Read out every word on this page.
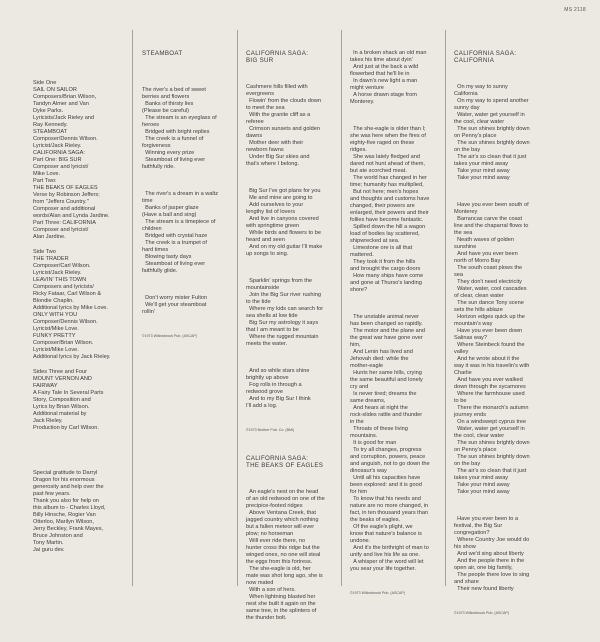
MS 2118

Side One
SAIL ON SAILOR
Composers/Brian Wilson,
Tandyn Almer and Van
Dyke Parks.
Lyricists/Jack Rieley and
Ray Kennedy.
STEAMBOAT
Composer/Dennis Wilson.
Lyricist/Jack Rieley.
CALIFORNIA SAGA:
Part One: BIG SUR
Composer and lyricist/
Mike Love.
Part Two:
THE BEAKS OF EAGLES
Verse by Robinson Jeffers;
from "Jeffers Country."
Composer and additional
words/Alan and Lynda Jardine.
Part Three: CALIFORNIA
Composer and lyricist/
Alan Jardine.
Side Two
THE TRADER
Composer/Carl Wilson.
Lyricist/Jack Rieley.
LEAVIN' THIS TOWN
Composers and lyricists/
Ricky Fataar, Carl Wilson &
Blondie Chaplin.
Additional lyrics by Mike Love.
ONLY WITH YOU
Composer/Dennis Wilson.
Lyricist/Mike Love.
FUNKY PRETTY
Composer/Brian Wilson.
Lyricist/Mike Love.
Additional lyrics by Jack Rieley.
Sides Three and Four
MOUNT VERNON AND
FAIRWAY
A Fairy Tale In Several Parts
Story, Composition and
Lyrics by Brian Wilson.
Additional material by
Jack Rieley.
Production by Carl Wilson.

Special gratitude to Darryl
Dragon for his enormous
generosity and help over the
past few years.
Thank you also for help on
this album to - Charles Lloyd,
Billy Hinsche, Rogier Van
Otterloo, Marilyn Wilson,
Jerry Beckley, Frank Mayes,
Bruce Johnston and
Tony Martin.
Jai guru dev.

STEAMBOAT

The river's a bed of sweet
berries and flowers
Banks of thirsty lies
(Please be careful)
The stream is an eyeglass of
heroes
Bridged with bright replies
The creek is a funnel of
forgiveness
Winning every prize
Steamboat of living ever
faithfully ride.

The river's a dream in a waltz
time
Banks of jasper glaze
(Have a ball and sing)
The stream is a timepiece of
children
Bridged with crystal haze
The creek is a trumpet of
hard times
Blowing tasty days
Steamboat of living ever
faithfully glide.

Don't worry mister Fulton
We'll get your steamboat
rollin'

©1973 Willowbrook Pub. (ASCAP)

CALIFORNIA SAGA:
BIG SUR

Cashmere hills filled with
evergreens
Flowin' from the clouds down
to meet the sea
With the granite cliff as a
referee
Crimson sunsets and golden
dawns
Mother deer with their
newborn fawns
Under Big Sur skies and
that's where I belong.

Big Sur I've got plans for you
Me and mine are going to
Add ourselves to your
lengthy list of lovers
And live in canyons covered
with springtime green
While birds and flowers to be
heard and seen
And on my old guitar I'll make
up songs to sing.

Sparklin' springs from the
mountainside
Join the Big Sur river rushing
to the tide
Where my kids can search for
sea shells at low tide
Big Sur my astrology it says
that I am meant to be
Where the rugged mountain
meets the water.

And so while stars shine
brightly up above
Fog rolls in through a
redwood grove
And to my Big Sur I think
I'll add a log.

©1973 Brother Pub. Co. (BMI)

CALIFORNIA SAGA:
THE BEAKS OF EAGLES

An eagle's nest on the head
of an old redwood on one of the
precipice-footed ridges
Above Ventana Creek, that
jagged country which nothing
but a fallen meteor will ever
plow; no horseman
Will ever ride there, no
hunter cross this ridge but the
winged ones, no one will steal
the eggs from this fortress.
The she-eagle is old, her
mate was shot long ago, she is
now mated
With a son of hers.
When lightning blasted her
nest she built it again on the
same tree, in the splinters of
the thunder bolt.

In a broken shack an old man
takes his time about dyin'
And just at the back a wild
flowerbed that he'll lie in
In dawn's new light a man
might venture
A horse drawn stage from
Monterey.

The she-eagle is older than I;
she was here when the fires of
eighty-five raged on these
ridges.
She was lately fledged and
dared not hunt ahead of them,
but ate scorched meat.
The world has changed in her
time; humanity has multiplied,
But not here; men's hopes
and thoughts and customs have
changed, their powers are
enlarged, their powers and their
follies have become fantastic.
Spilled down the hill a wagon
load of bodies lay scattered,
shipwrecked at sea.
Limestone ore is all that
mattered.
They took it from the hills
and brought the cargo doors
How many ships have come
and gone at Thurso's landing
shore?

The unstable animal never
has been changed so rapidly.
The motor and the plane and
the great war have gone over
him,
And Lenin has lived and
Jehovah died: while the
mother-eagle
Hunts her same hills, crying
the same beautiful and lonely
cry and
Is never tired; dreams the
same dreams,
And hears at night the
rock-slides rattle and thunder
in the
Throats of these living
mountains.
It is good for man
To try all changes, progress
and corruption, powers, peace
and anguish, not to go down the
dinosaur's way
Until all his capacities have
been explored: and it is good
for him
To know that his needs and
nature are no more changed, in
fact, in ten thousand years than
the beaks of eagles.
Of the eagle's plight, we
know that nature's balance is
undone.
And it's the birthright of man to
unify and live his life as one.
A whisper of the word will let
you sear your life together.

©1973 Willowbrook Pub. (ASCAP)

CALIFORNIA SAGA:
CALIFORNIA

On my way to sunny
California
On my way to spend another
sunny day
Water, water get yourself in
the cool, clear water
The sun shines brightly down
on Penny's place
The sun shines brightly down
on the bay
The air's so clean that it just
takes your mind away
Take your mind away
Take your mind away

Have you ever been south of
Monterey
Barrancas carve the coast
line and the chaparral flows to
the sea
Neath waves of golden
sunshine
And have you ever been
north of Morro Bay
The south coast plows the
sea
They don't need electricity
Water, water, cool cascades
of clear, clean water
The sun dance Tony scene
sets the hills ablaze
Horizon edges quick up the
mountain's way
Have you ever been down
Salinas way?
Where Steinbeck found the
valley
And he wrote about it the
way it was in his travelin's with
Charlie
And have you ever walked
down through the sycamores
Where the farmhouse used
to be
There the monarch's autumn
journey ends
On a windswept cyprus tree
Water, water get yourself in
the cool, clear water
The sun shines brightly down
on Penny's place
The sun shines brightly down
on the bay
The air's so clean that it just
takes your mind away
Take your mind away
Take your mind away

Have you ever been to a
festival, the Big Sur
congregation?
Where Country Joe would do
his show
And we'd sing about liberty
And the people there in the
open air, one big family,
The people there love to sing
and share
Their new found liberty

©1973 Willowbrook Pub. (ASCAP)
